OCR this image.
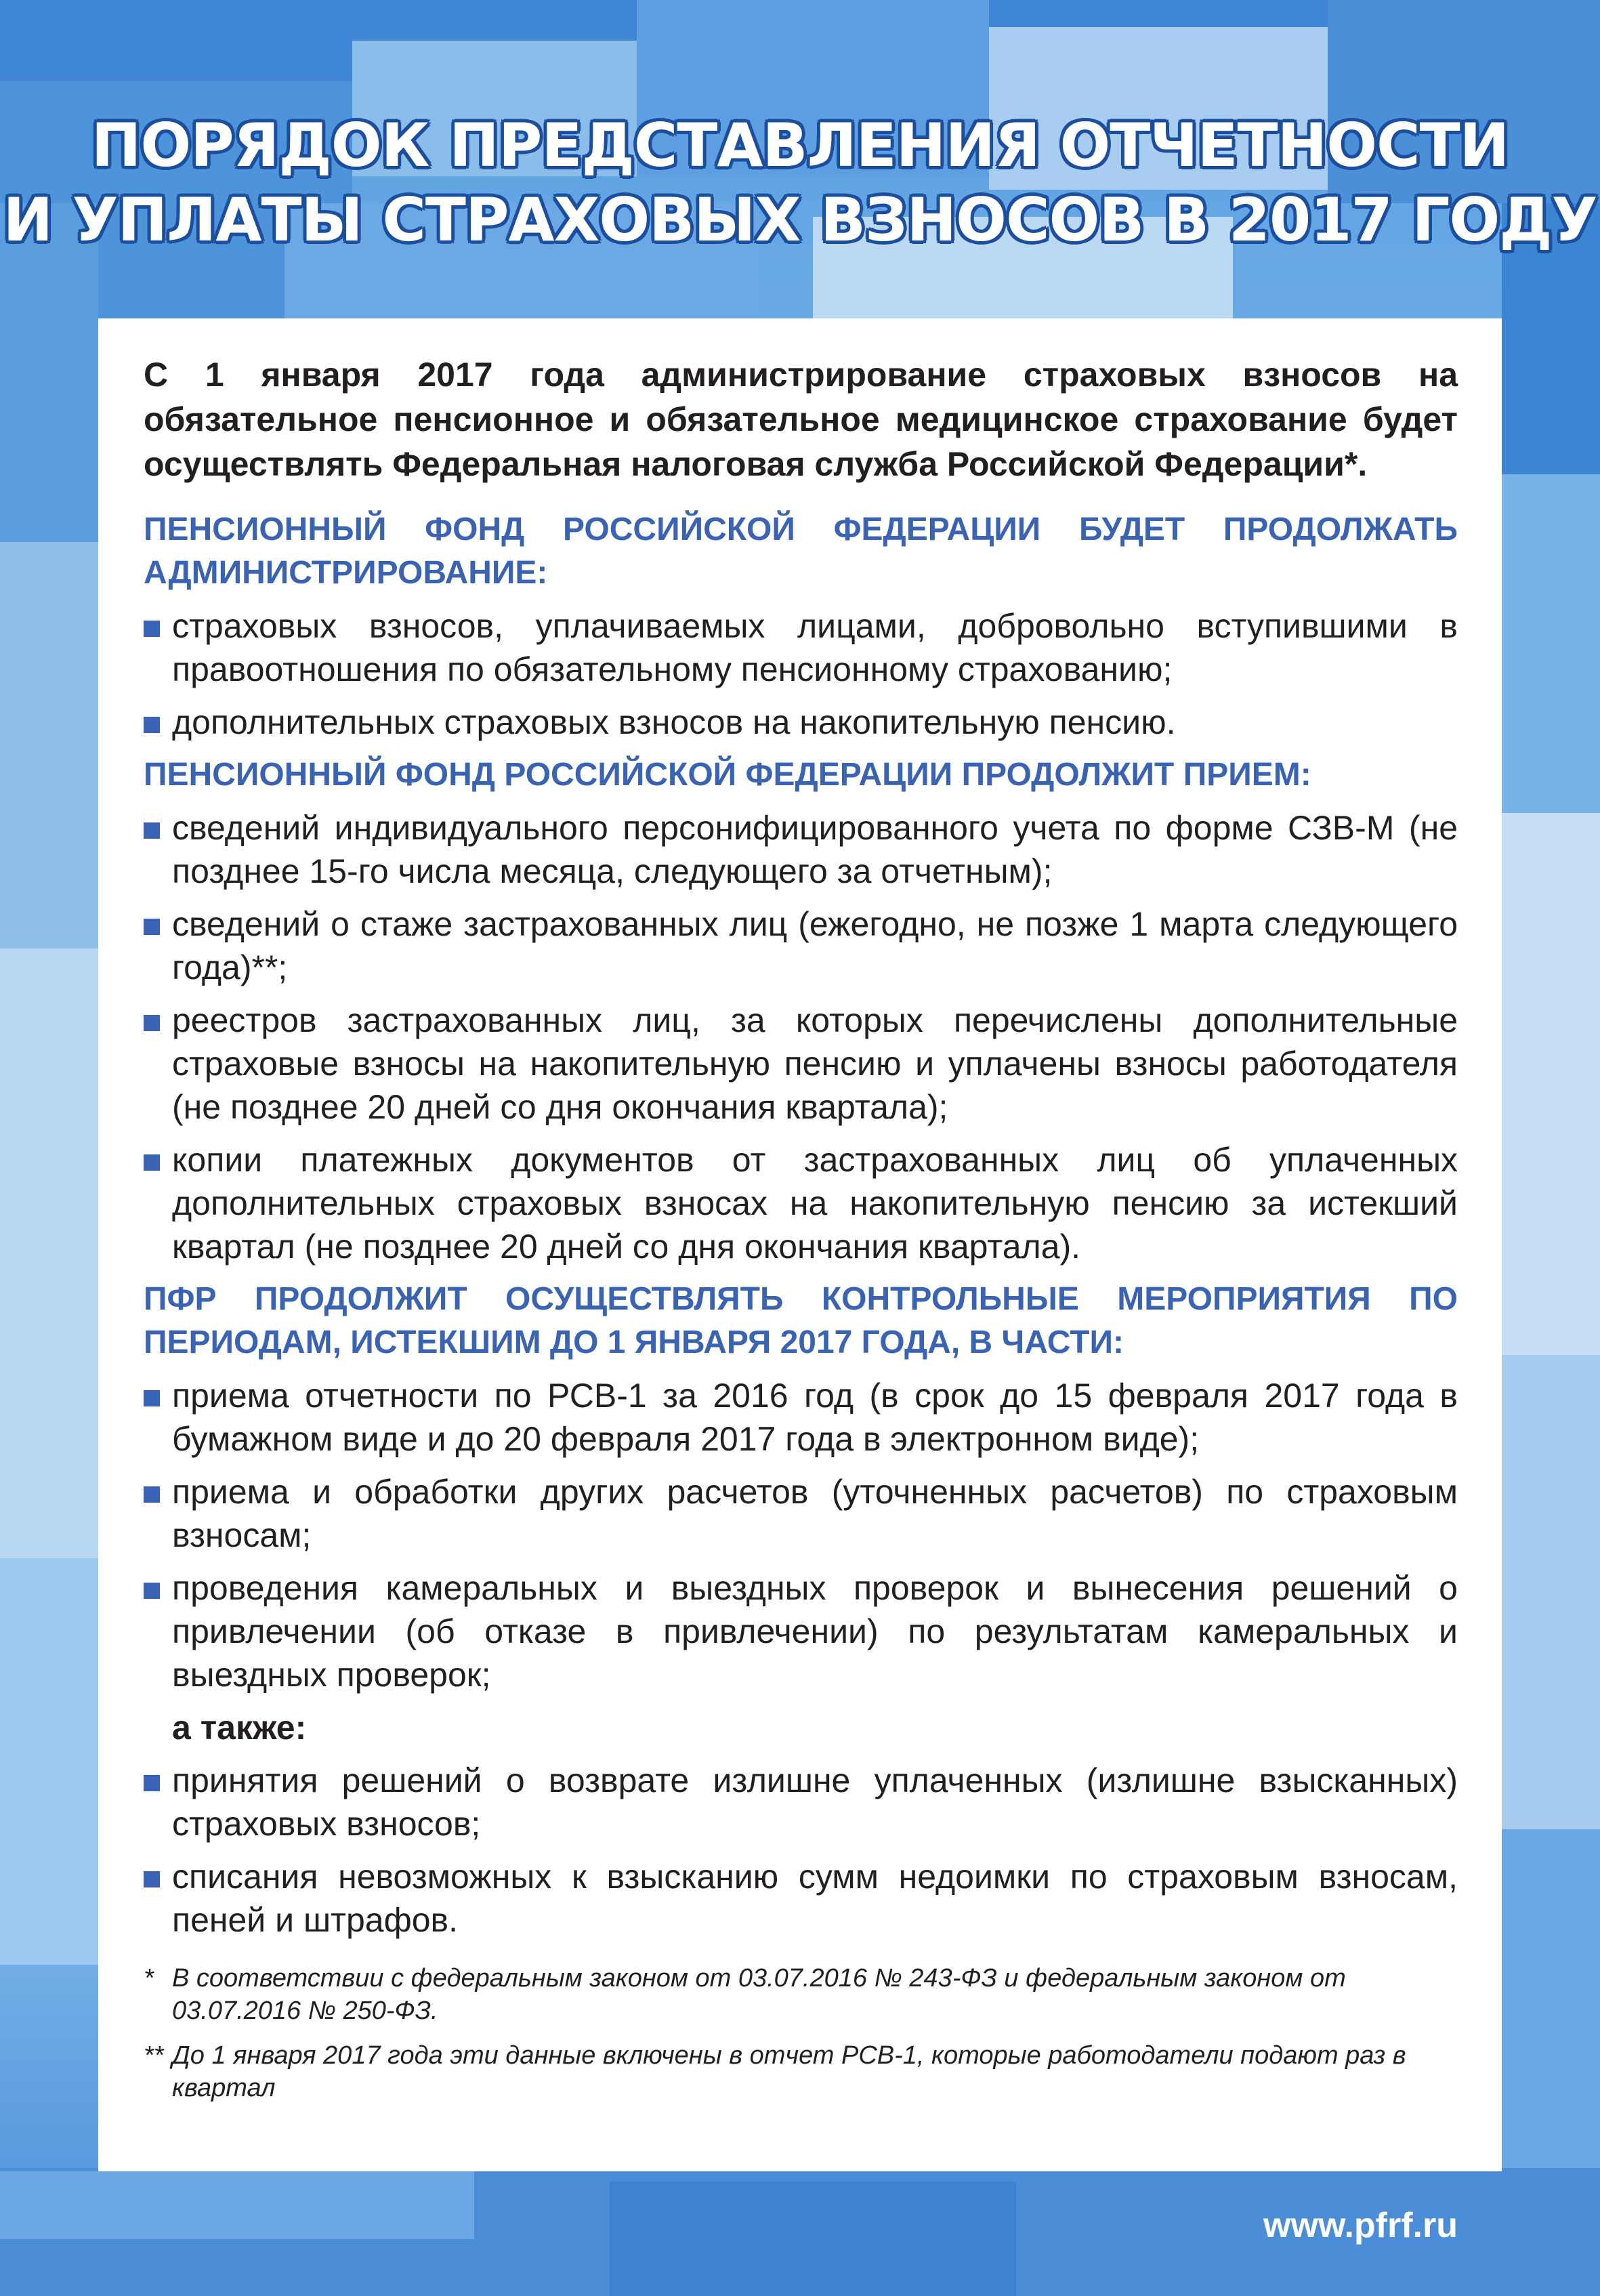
ПОРЯДОК ПРЕДСТАВЛЕНИЯ ОТЧЕТНОСТИ
И УПЛАТЫ СТРАХОВЫХ ВЗНОСОВ В 2017 ГОДУ

С 1 января 2017 года администрирование страховых взносов на обязательное пенсионное и обязательное медицинское страхование будет осуществлять Федеральная налоговая служба Российской Федерации*.

ПЕНСИОННЫЙ ФОНД РОССИЙСКОЙ ФЕДЕРАЦИИ БУДЕТ ПРОДОЛЖАТЬ АДМИНИСТРИРОВАНИЕ:

страховых взносов, уплачиваемых лицами, добровольно вступившими в правоотношения по обязательному пенсионному страхованию;
дополнительных страховых взносов на накопительную пенсию.

ПЕНСИОННЫЙ ФОНД РОССИЙСКОЙ ФЕДЕРАЦИИ ПРОДОЛЖИТ ПРИЕМ:

сведений индивидуального персонифицированного учета по форме СЗВ-М (не позднее 15-го числа месяца, следующего за отчетным);
сведений о стаже застрахованных лиц (ежегодно, не позже 1 марта следующего года)**;
реестров застрахованных лиц, за которых перечислены дополнительные страховые взносы на накопительную пенсию и уплачены взносы работодателя (не позднее 20 дней со дня окончания квартала);
копии платежных документов от застрахованных лиц об уплаченных дополнительных страховых взносах на накопительную пенсию за истекший квартал (не позднее 20 дней со дня окончания квартала).

ПФР ПРОДОЛЖИТ ОСУЩЕСТВЛЯТЬ КОНТРОЛЬНЫЕ МЕРОПРИЯТИЯ ПО ПЕРИОДАМ, ИСТЕКШИМ ДО 1 ЯНВАРЯ 2017 ГОДА, В ЧАСТИ:

приема отчетности по РСВ-1 за 2016 год (в срок до 15 февраля 2017 года в бумажном виде и до 20 февраля 2017 года в электронном виде);
приема и обработки других расчетов (уточненных расчетов) по страховым взносам;
проведения камеральных и выездных проверок и вынесения решений о привлечении (об отказе в привлечении) по результатам камеральных и выездных проверок;
а также:
принятия решений о возврате излишне уплаченных (излишне взысканных) страховых взносов;
списания невозможных к взысканию сумм недоимки по страховым взносам, пеней и штрафов.
* В соответствии с федеральным законом от 03.07.2016 № 243-ФЗ и федеральным законом от 03.07.2016 № 250-ФЗ.
** До 1 января 2017 года эти данные включены в отчет РСВ-1, которые работодатели подают раз в квартал
www.pfrf.ru
